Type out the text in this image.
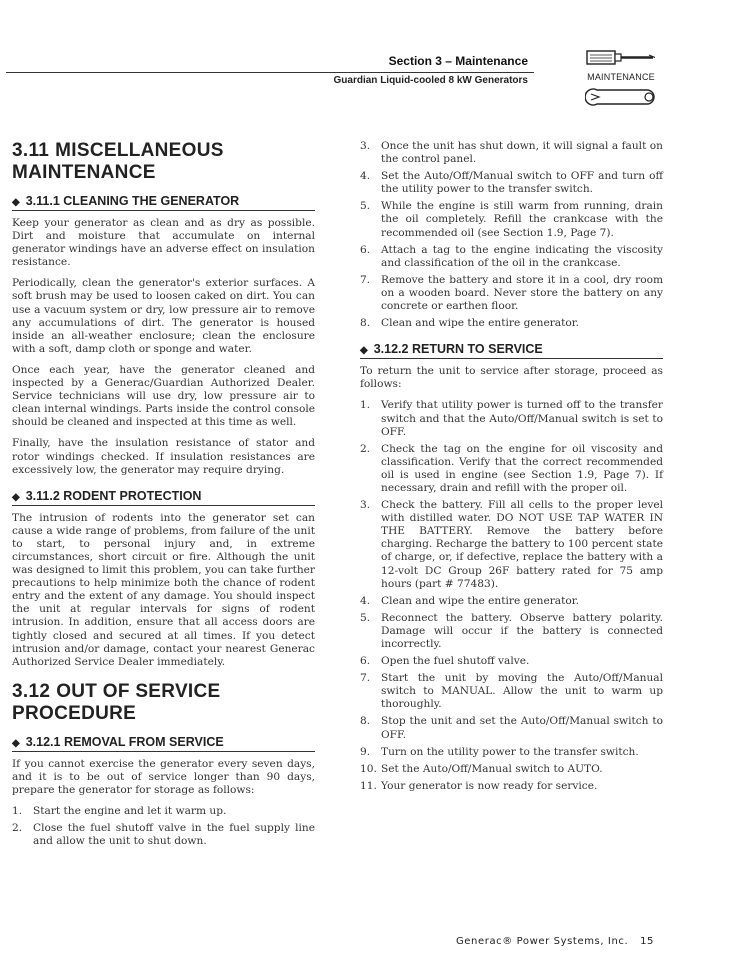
Section 3 – Maintenance
Guardian Liquid-cooled 8 kW Generators	MAINTENANCE
3.11 MISCELLANEOUS MAINTENANCE
◆ 3.11.1 CLEANING THE GENERATOR

Keep your generator as clean and as dry as possible. Dirt and moisture that accumulate on internal generator windings have an adverse effect on insulation resistance.

Periodically, clean the generator's exterior surfaces. A soft brush may be used to loosen caked on dirt. You can use a vacuum system or dry, low pressure air to remove any accumulations of dirt. The generator is housed inside an all-weather enclosure; clean the enclosure with a soft, damp cloth or sponge and water.

Once each year, have the generator cleaned and inspected by a Generac/Guardian Authorized Dealer. Service technicians will use dry, low pressure air to clean internal windings. Parts inside the control console should be cleaned and inspected at this time as well.

Finally, have the insulation resistance of stator and rotor windings checked. If insulation resistances are excessively low, the generator may require drying.

◆ 3.11.2 RODENT PROTECTION

The intrusion of rodents into the generator set can cause a wide range of problems, from failure of the unit to start, to personal injury and, in extreme circumstances, short circuit or fire. Although the unit was designed to limit this problem, you can take further precautions to help minimize both the chance of rodent entry and the extent of any damage. You should inspect the unit at regular intervals for signs of rodent intrusion. In addition, ensure that all access doors are tightly closed and secured at all times. If you detect intrusion and/or damage, contact your nearest Generac Authorized Service Dealer immediately.

3.12 OUT OF SERVICE PROCEDURE
◆ 3.12.1 REMOVAL FROM SERVICE

If you cannot exercise the generator every seven days, and it is to be out of service longer than 90 days, prepare the generator for storage as follows:

1. Start the engine and let it warm up.
2. Close the fuel shutoff valve in the fuel supply line and allow the unit to shut down.
3. Once the unit has shut down, it will signal a fault on the control panel.
4. Set the Auto/Off/Manual switch to OFF and turn off the utility power to the transfer switch.
5. While the engine is still warm from running, drain the oil completely. Refill the crankcase with the recommended oil (see Section 1.9, Page 7).
6. Attach a tag to the engine indicating the viscosity and classification of the oil in the crankcase.
7. Remove the battery and store it in a cool, dry room on a wooden board. Never store the battery on any concrete or earthen floor.
8. Clean and wipe the entire generator.
◆ 3.12.2 RETURN TO SERVICE

To return the unit to service after storage, proceed as follows:

1. Verify that utility power is turned off to the transfer switch and that the Auto/Off/Manual switch is set to OFF.
2. Check the tag on the engine for oil viscosity and classification. Verify that the correct recommended oil is used in engine (see Section 1.9, Page 7). If necessary, drain and refill with the proper oil.
3. Check the battery. Fill all cells to the proper level with distilled water. DO NOT USE TAP WATER IN THE BATTERY. Remove the battery before charging. Recharge the battery to 100 percent state of charge, or, if defective, replace the battery with a 12-volt DC Group 26F battery rated for 75 amp hours (part # 77483).
4. Clean and wipe the entire generator.
5. Reconnect the battery. Observe battery polarity. Damage will occur if the battery is connected incorrectly.
6. Open the fuel shutoff valve.
7. Start the unit by moving the Auto/Off/Manual switch to MANUAL. Allow the unit to warm up thoroughly.
8. Stop the unit and set the Auto/Off/Manual switch to OFF.
9. Turn on the utility power to the transfer switch.
10. Set the Auto/Off/Manual switch to AUTO.
11. Your generator is now ready for service.
Generac® Power Systems, Inc. 15
